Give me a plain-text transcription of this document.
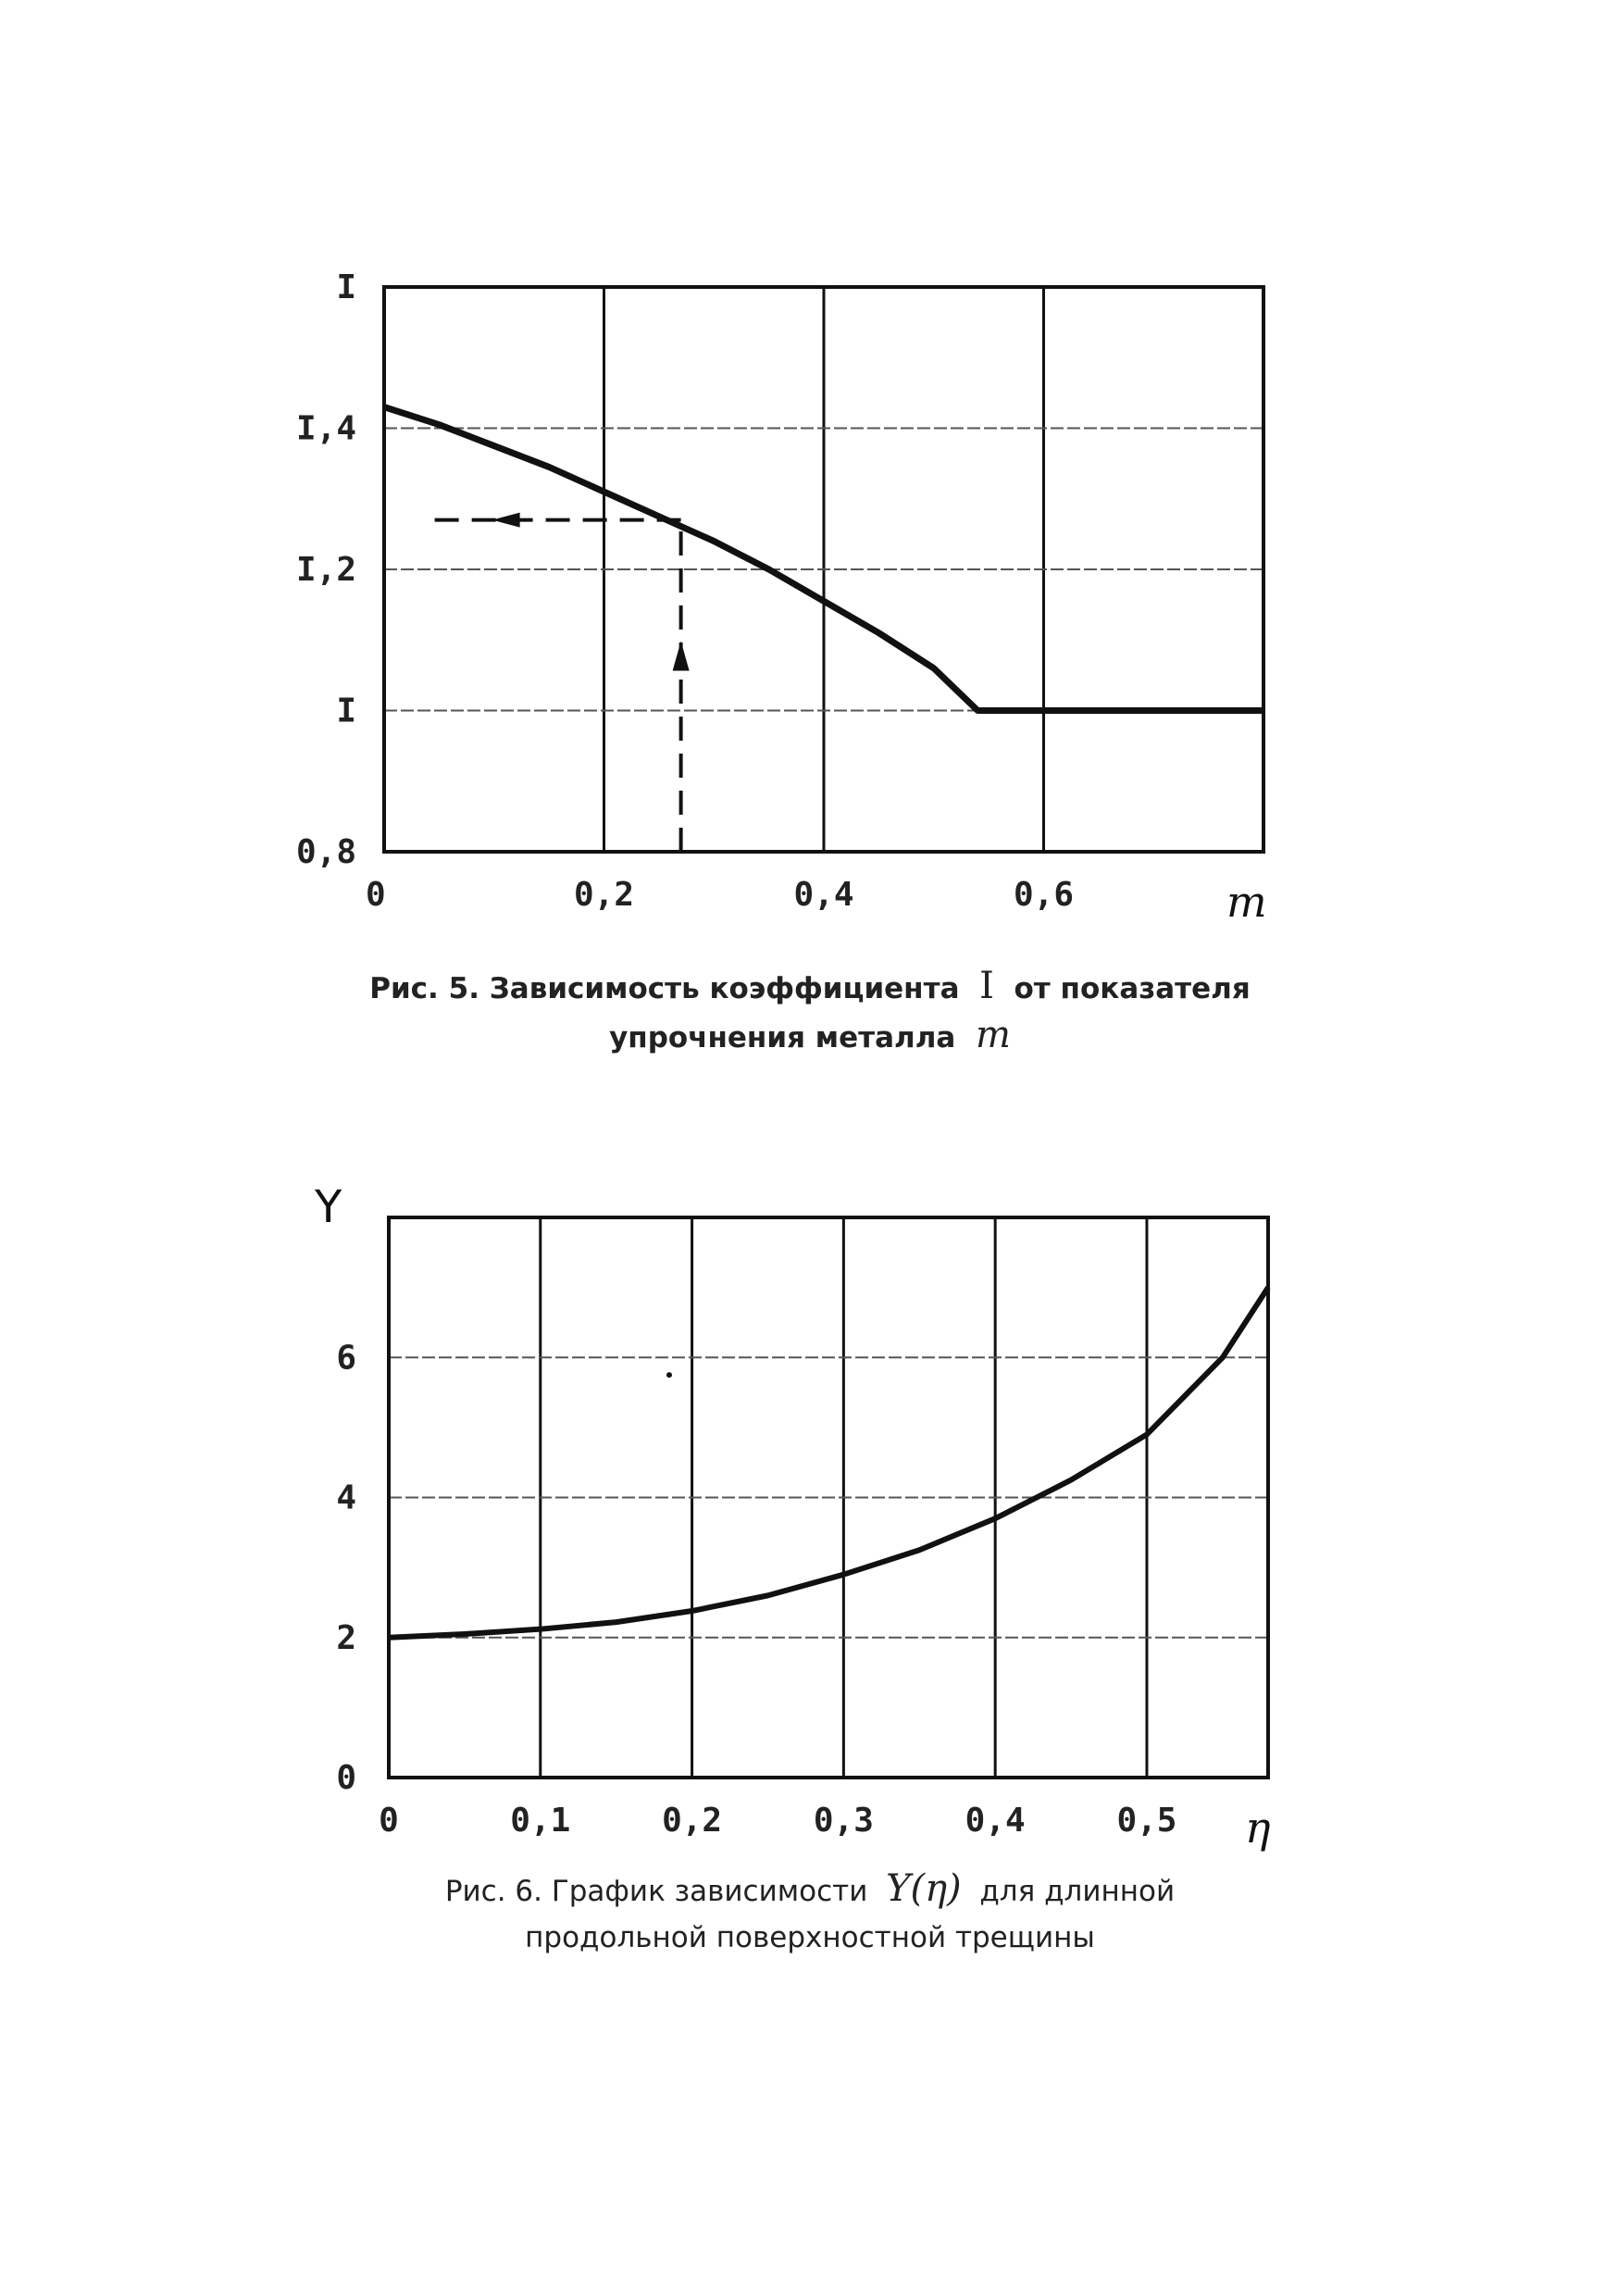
0,8
I
I,2
I,4
I
0	0,2	0,4	0,6	m
0
2
4
6
0	0,1	0,2	0,3	0,4	0,5 η
Y
Рис. 5. Зависимость коэффициента I от показателя
упрочнения металла m
Рис. 6. График зависимости Y(η) для длинной
продольной поверхностной трещины
